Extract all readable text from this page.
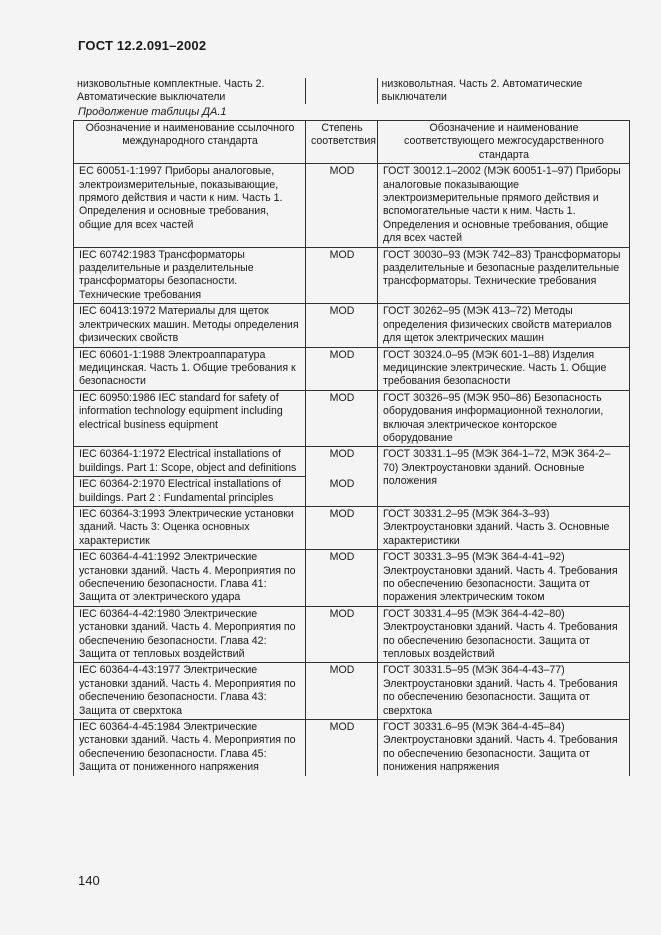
ГОСТ 12.2.091–2002
низковольтные комплектные. Часть 2. Автоматические выключатели		низковольтная. Часть 2. Автоматические выключатели
Продолжение таблицы ДА.1
Обозначение и наименование ссылочного международного стандарта	Степень соответствия	Обозначение и наименование соответствующего межгосударственного стандарта
ЕС 60051-1:1997 Приборы аналоговые, электроизмерительные, показывающие, прямого действия и части к ним. Часть 1. Определения и основные требования, общие для всех частей	MOD	ГОСТ 30012.1–2002 (МЭК 60051-1–97) Приборы аналоговые показывающие электроизмерительные прямого действия и вспомогательные части к ним. Часть 1. Определения и основные требования, общие для всех частей
IEC 60742:1983 Трансформаторы разделительные и разделительные трансформаторы безопасности. Технические требования	MOD	ГОСТ 30030–93 (МЭК 742–83) Трансформаторы разделительные и безопасные разделительные трансформаторы. Технические требования
IEC 60413:1972 Материалы для щеток электрических машин. Методы определения физических свойств	MOD	ГОСТ 30262–95 (МЭК 413–72) Методы определения физических свойств материалов для щеток электрических машин
IEC 60601-1:1988 Электроаппаратура медицинская. Часть 1. Общие требования к безопасности	MOD	ГОСТ 30324.0–95 (МЭК 601-1–88) Изделия медицинские электрические. Часть 1. Общие требования безопасности
IEC 60950:1986 IEC standard for safety of information technology equipment including electrical business equipment	MOD	ГОСТ 30326–95 (МЭК 950–86) Безопасность оборудования информационной технологии, включая электрическое конторское оборудование
IEC 60364-1:1972 Electrical installations of buildings. Part 1: Scope, object and definitions	MOD	ГОСТ 30331.1–95 (МЭК 364-1–72, МЭК 364-2–70) Электроустановки зданий. Основные положения
IEC 60364-2:1970 Electrical installations of buildings. Part 2 : Fundamental principles	MOD	
IEC 60364-3:1993 Электрические установки зданий. Часть 3: Оценка основных характеристик	MOD	ГОСТ 30331.2–95 (МЭК 364-3–93) Электроустановки зданий. Часть 3. Основные характеристики
IEC 60364-4-41:1992 Электрические установки зданий. Часть 4. Мероприятия по обеспечению безопасности. Глава 41: Защита от электрического удара	MOD	ГОСТ 30331.3–95 (МЭК 364-4-41–92) Электроустановки зданий. Часть 4. Требования по обеспечению безопасности. Защита от поражения электрическим током
IEC 60364-4-42:1980 Электрические установки зданий. Часть 4. Мероприятия по обеспечению безопасности. Глава 42: Защита от тепловых воздействий	MOD	ГОСТ 30331.4–95 (МЭК 364-4-42–80) Электроустановки зданий. Часть 4. Требования по обеспечению безопасности. Защита от тепловых воздействий
IEC 60364-4-43:1977 Электрические установки зданий. Часть 4. Мероприятия по обеспечению безопасности. Глава 43: Защита от сверхтока	MOD	ГОСТ 30331.5–95 (МЭК 364-4-43–77) Электроустановки зданий. Часть 4. Требования по обеспечению безопасности. Защита от сверхтока
IEC 60364-4-45:1984 Электрические установки зданий. Часть 4. Мероприятия по обеспечению безопасности. Глава 45: Защита от пониженного напряжения	MOD	ГОСТ 30331.6–95 (МЭК 364-4-45–84) Электроустановки зданий. Часть 4. Требования по обеспечению безопасности. Защита от понижения напряжения
140
